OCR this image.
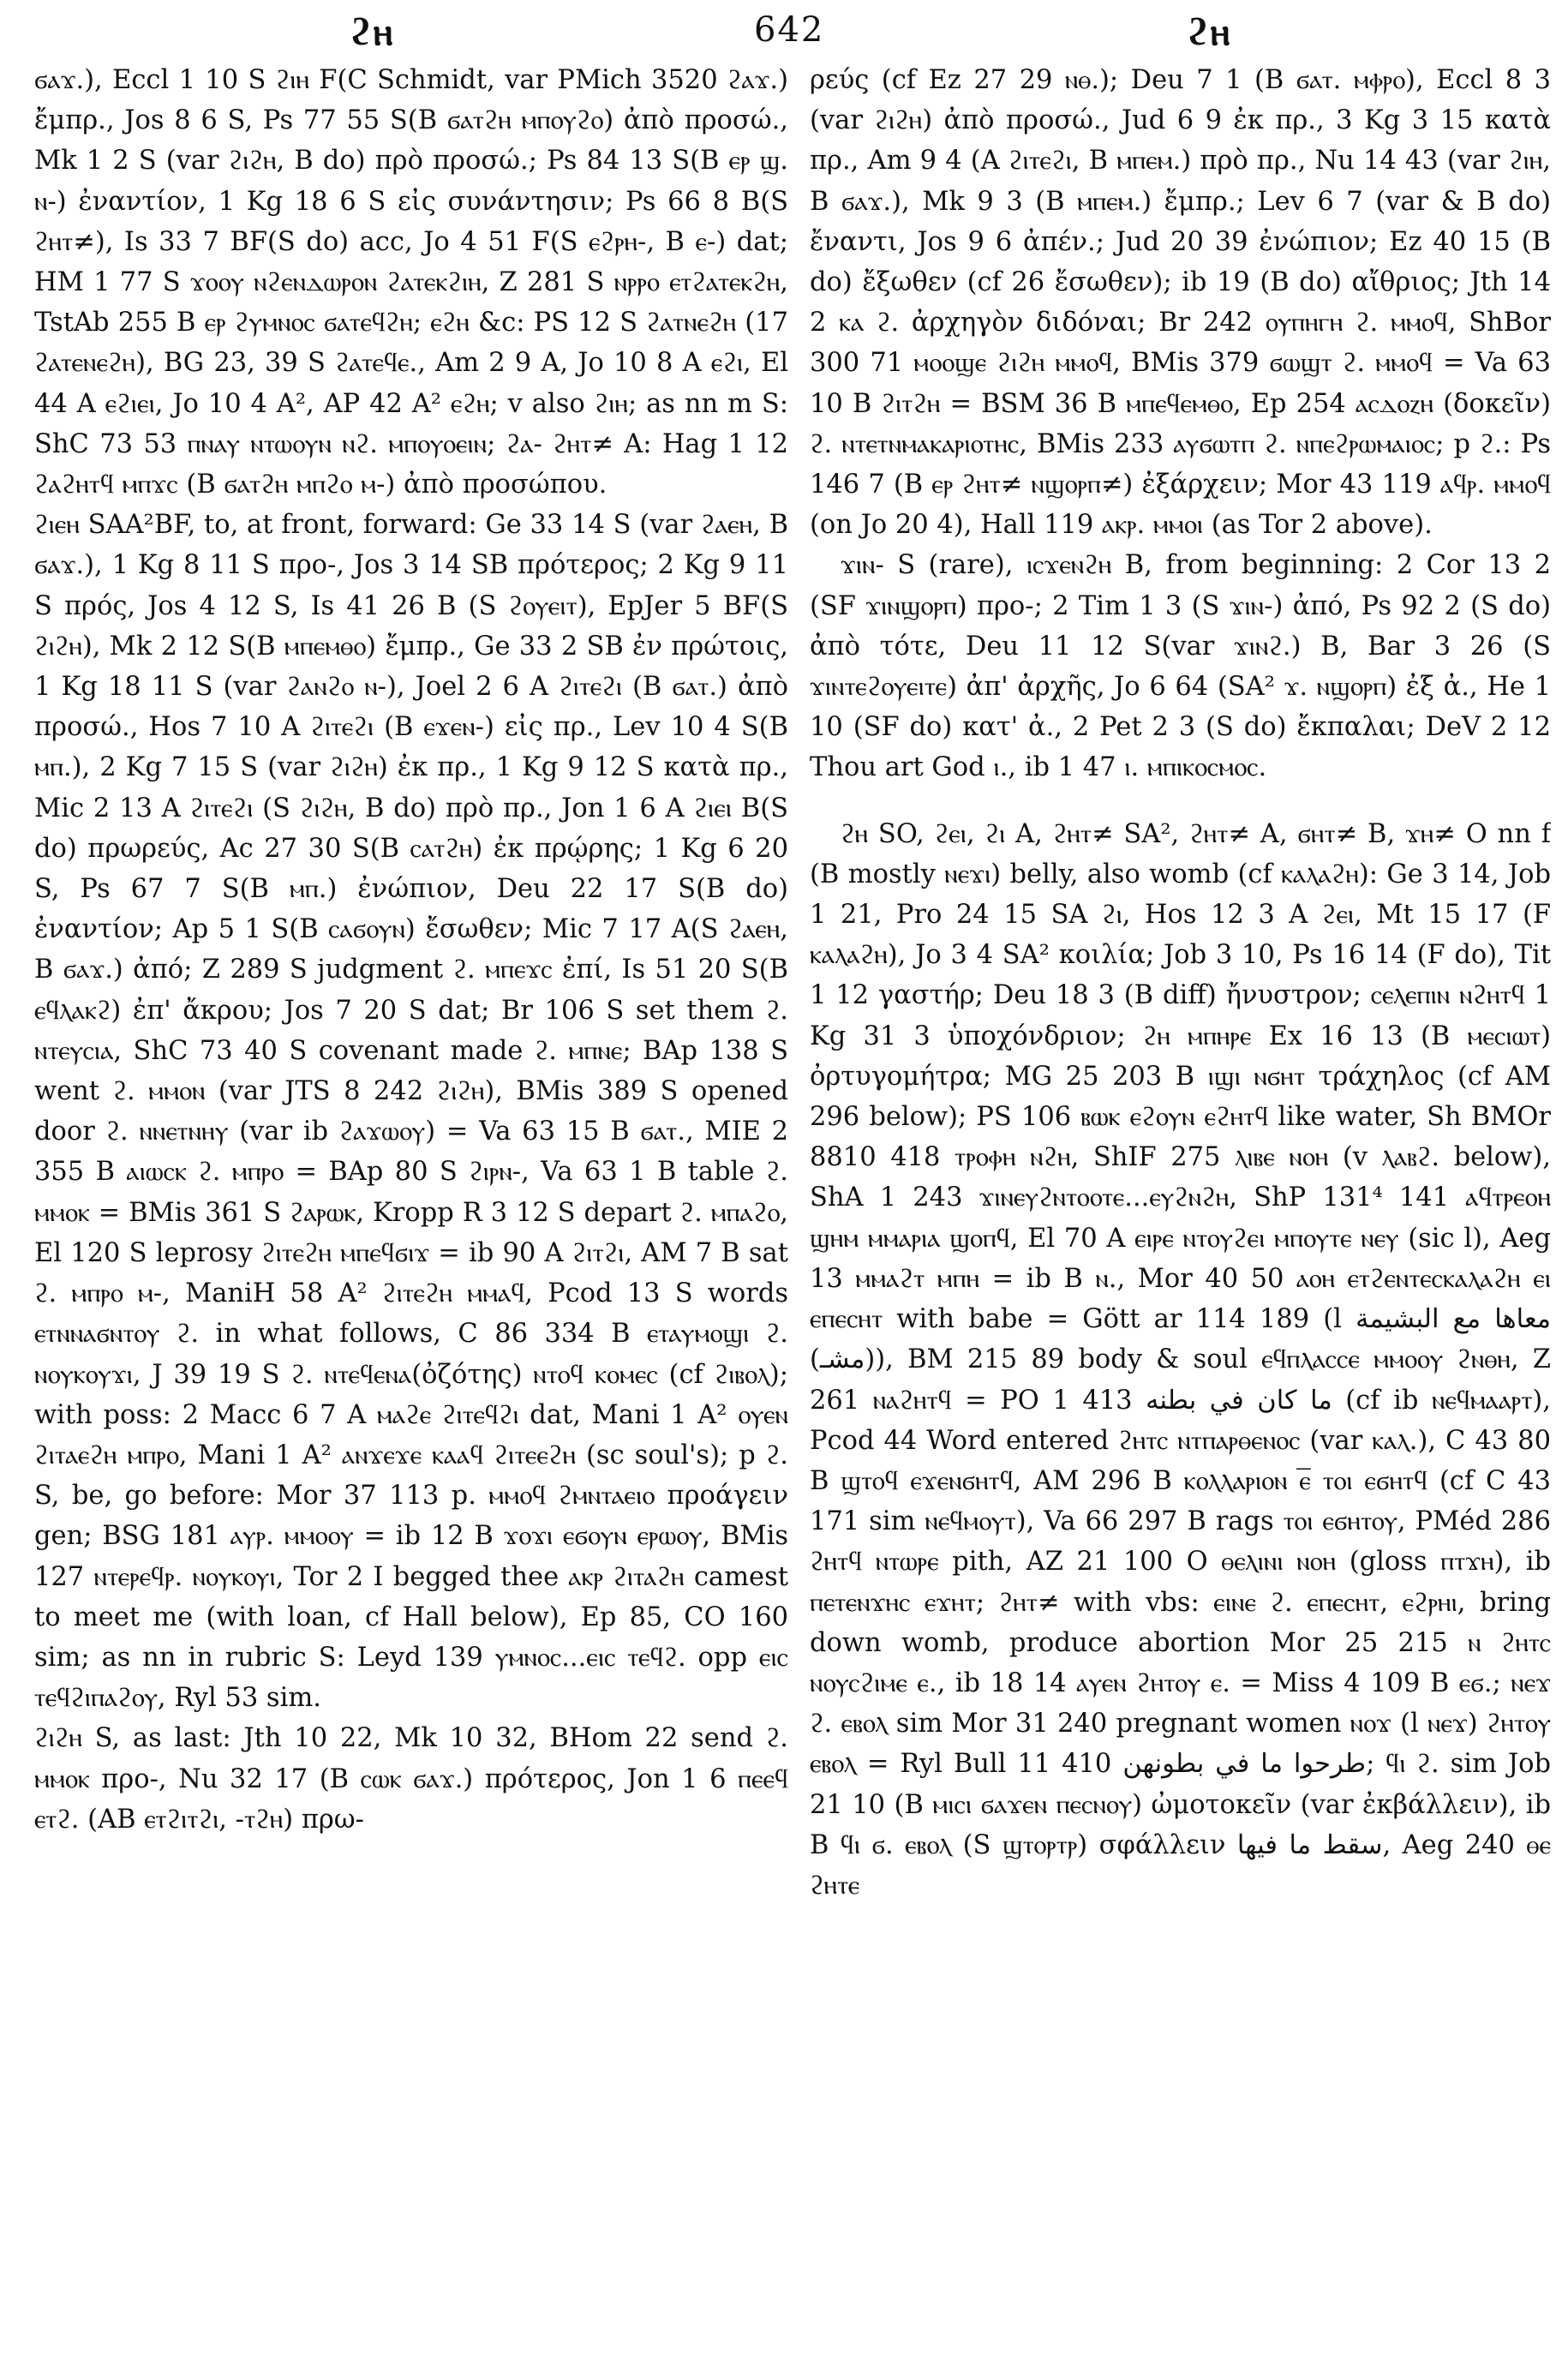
ϩⲏ	642	ϩⲏ

ϭⲁϫ.), Eccl 1 10 S ϩⲓⲏ F(C Schmidt, var PMich 3520 ϩⲁϫ.) ἔμπρ., Jos 8 6 S, Ps 77 55 S(B ϭⲁⲧϩⲏ ⲙⲡⲟⲩϩⲟ) ἀπὸ προσώ., Mk 1 2 S (var ϩⲓϩⲏ, B do) πρὸ προσώ.; Ps 84 13 S(B ⲉⲣ ϣ. ⲛ-) ἐναντίον, 1 Kg 18 6 S εἰς συνάντησιν; Ps 66 8 B(S ϩⲏⲧ≠), Is 33 7 BF(S do) acc, Jo 4 51 F(S ⲉϩⲣⲏ-, B ⲉ-) dat; HM 1 77 S ϫⲟⲟⲩ ⲛϩⲉⲛⲇⲱⲣⲟⲛ ϩⲁⲧⲉⲕϩⲓⲏ, Z 281 S ⲛⲣⲣⲟ ⲉⲧϩⲁⲧⲉⲕϩⲏ, TstAb 255 B ⲉⲣ ϩⲩⲙⲛⲟⲥ ϭⲁⲧⲉϥϩⲏ; ⲉϩⲏ &c: PS 12 S ϩⲁⲧⲛⲉϩⲏ (17 ϩⲁⲧⲉⲛⲉϩⲏ), BG 23, 39 S ϩⲁⲧⲉϥⲉ., Am 2 9 A, Jo 10 8 A ⲉϩⲓ, El 44 A ⲉϩⲓⲉⲓ, Jo 10 4 A², AP 42 A² ⲉϩⲏ; v also ϩⲓⲏ; as nn m S: ShC 73 53 ⲡⲛⲁⲩ ⲛⲧⲱⲟⲩⲛ ⲛϩ. ⲙⲡⲟⲩⲟⲉⲓⲛ; ϩⲁ- ϩⲏⲧ≠ A: Hag 1 12 ϩⲁϩⲏⲧϥ ⲙⲡϫⲥ (B ϭⲁⲧϩⲏ ⲙⲡϩⲟ ⲙ-) ἀπὸ προσώπου.

ϩⲓⲉⲏ SAA²BF, to, at front, forward: Ge 33 14 S (var ϩⲁⲉⲏ, B ϭⲁϫ.), 1 Kg 8 11 S προ-, Jos 3 14 SB πρότερος; 2 Kg 9 11 S πρός, Jos 4 12 S, Is 41 26 B (S ϩⲟⲩⲉⲓⲧ), EpJer 5 BF(S ϩⲓϩⲏ), Mk 2 12 S(B ⲙⲡⲉⲙⲑⲟ) ἔμπρ., Ge 33 2 SB ἐν πρώτοις, 1 Kg 18 11 S (var ϩⲁⲛϩⲟ ⲛ-), Joel 2 6 A ϩⲓⲧⲉϩⲓ (B ϭⲁⲧ.) ἀπὸ προσώ., Hos 7 10 A ϩⲓⲧⲉϩⲓ (B ⲉϫⲉⲛ-) εἰς πρ., Lev 10 4 S(B ⲙⲡ.), 2 Kg 7 15 S (var ϩⲓϩⲏ) ἐκ πρ., 1 Kg 9 12 S κατὰ πρ., Mic 2 13 A ϩⲓⲧⲉϩⲓ (S ϩⲓϩⲏ, B do) πρὸ πρ., Jon 1 6 A ϩⲓⲉⲓ B(S do) πρωρεύς, Ac 27 30 S(B ⲥⲁⲧϩⲏ) ἐκ πρῴρης; 1 Kg 6 20 S, Ps 67 7 S(B ⲙⲡ.) ἐνώπιον, Deu 22 17 S(B do) ἐναντίον; Ap 5 1 S(B ⲥⲁϭⲟⲩⲛ) ἔσωθεν; Mic 7 17 A(S ϩⲁⲉⲏ, B ϭⲁϫ.) ἀπό; Z 289 S judgment ϩ. ⲙⲡⲉϫⲥ ἐπί, Is 51 20 S(B ⲉϥⲗⲁⲕϩ) ἐπ' ἄκρου; Jos 7 20 S dat; Br 106 S set them ϩ. ⲛⲧⲉⲩⲥⲓⲁ, ShC 73 40 S covenant made ϩ. ⲙⲡⲛⲉ; BAp 138 S went ϩ. ⲙⲙⲟⲛ (var JTS 8 242 ϩⲓϩⲏ), BMis 389 S opened door ϩ. ⲛⲛⲉⲧⲛⲏⲩ (var ib ϩⲁϫⲱⲟⲩ) = Va 63 15 B ϭⲁⲧ., MIE 2 355 B ⲁⲓⲱⲥⲕ ϩ. ⲙⲡⲣⲟ = BAp 80 S ϩⲓⲣⲛ-, Va 63 1 B table ϩ. ⲙⲙⲟⲕ = BMis 361 S ϩⲁⲣⲱⲕ, Kropp R 3 12 S depart ϩ. ⲙⲡⲁϩⲟ, El 120 S leprosy ϩⲓⲧⲉϩⲏ ⲙⲡⲉϥϭⲓϫ = ib 90 A ϩⲓⲧϩⲓ, AM 7 B sat ϩ. ⲙⲡⲣⲟ ⲙ-, ManiH 58 A² ϩⲓⲧⲉϩⲏ ⲙⲙⲁϥ, Pcod 13 S words ⲉⲧⲛⲛⲁϭⲛⲧⲟⲩ ϩ. in what follows, C 86 334 B ⲉⲧⲁⲩⲙⲟϣⲓ ϩ. ⲛⲟⲩⲕⲟⲩϫⲓ, J 39 19 S ϩ. ⲛⲧⲉϥⲉⲛⲁ(ὀζότης) ⲛⲧⲟϥ ⲕⲟⲙⲉⲥ (cf ϩⲓⲃⲟⲗ); with poss: 2 Macc 6 7 A ⲙⲁϩⲉ ϩⲓⲧⲉϥϩⲓ dat, Mani 1 A² ⲟⲩⲉⲛ ϩⲓⲧⲁⲉϩⲏ ⲙⲡⲣⲟ, Mani 1 A² ⲁⲛϫⲉϫⲉ ⲕⲁⲁϥ ϩⲓⲧⲉⲉϩⲏ (sc soul's); p ϩ. S, be, go before: Mor 37 113 p. ⲙⲙⲟϥ ϩⲙⲛⲧⲁⲉⲓⲟ προάγειν gen; BSG 181 ⲁⲩⲣ. ⲙⲙⲟⲟⲩ = ib 12 B ϫⲟϫⲓ ⲉϭⲟⲩⲛ ⲉⲣⲱⲟⲩ, BMis 127 ⲛⲧⲉⲣⲉϥⲣ. ⲛⲟⲩⲕⲟⲩⲓ, Tor 2 I begged thee ⲁⲕⲣ ϩⲓⲧⲁϩⲏ camest to meet me (with loan, cf Hall below), Ep 85, CO 160 sim; as nn in rubric S: Leyd 139 ⲩⲙⲛⲟⲥ...ⲉⲓⲥ ⲧⲉϥϩ. opp ⲉⲓⲥ ⲧⲉϥϩⲓⲡⲁϩⲟⲩ, Ryl 53 sim.

ϩⲓϩⲏ S, as last: Jth 10 22, Mk 10 32, BHom 22 send ϩ. ⲙⲙⲟⲕ προ-, Nu 32 17 (B ⲥⲱⲕ ϭⲁϫ.) πρότερος, Jon 1 6 ⲡⲉⲉϥ ⲉⲧϩ. (AB ⲉⲧϩⲓⲧϩⲓ, -ⲧϩⲏ) πρω-

ρεύς (cf Ez 27 29 ⲛⲑ.); Deu 7 1 (B ϭⲁⲧ. ⲙⲫⲣⲟ), Eccl 8 3 (var ϩⲓϩⲏ) ἀπὸ προσώ., Jud 6 9 ἐκ πρ., 3 Kg 3 15 κατὰ πρ., Am 9 4 (A ϩⲓⲧⲉϩⲓ, B ⲙⲡⲉⲙ.) πρὸ πρ., Nu 14 43 (var ϩⲓⲏ, B ϭⲁϫ.), Mk 9 3 (B ⲙⲡⲉⲙ.) ἔμπρ.; Lev 6 7 (var & B do) ἔναντι, Jos 9 6 ἀπέν.; Jud 20 39 ἐνώπιον; Ez 40 15 (B do) ἔξωθεν (cf 26 ἔσωθεν); ib 19 (B do) αἴθριος; Jth 14 2 ⲕⲁ ϩ. ἀρχηγὸν διδόναι; Br 242 ⲟⲩⲡⲏⲅⲏ ϩ. ⲙⲙⲟϥ, ShBor 300 71 ⲙⲟⲟϣⲉ ϩⲓϩⲏ ⲙⲙⲟϥ, BMis 379 ϭⲱϣⲧ ϩ. ⲙⲙⲟϥ = Va 63 10 B ϩⲓⲧϩⲏ = BSM 36 B ⲙⲡⲉϥⲉⲙⲑⲟ, Ep 254 ⲁⲥⲇⲟⲍⲏ (δοκεῖν) ϩ. ⲛⲧⲉⲧⲛⲙⲁⲕⲁⲣⲓⲟⲧⲏⲥ, BMis 233 ⲁⲩϭⲱⲧⲡ ϩ. ⲛⲡⲉϩⲣⲱⲙⲁⲓⲟⲥ; p ϩ.: Ps 146 7 (B ⲉⲣ ϩⲏⲧ≠ ⲛϣⲟⲣⲡ≠) ἐξάρχειν; Mor 43 119 ⲁϥⲣ. ⲙⲙⲟϥ (on Jo 20 4), Hall 119 ⲁⲕⲣ. ⲙⲙⲟⲓ (as Tor 2 above).

ϫⲓⲛ- S (rare), ⲓⲥϫⲉⲛϩⲏ B, from beginning: 2 Cor 13 2 (SF ϫⲓⲛϣⲟⲣⲡ) προ-; 2 Tim 1 3 (S ϫⲓⲛ-) ἀπό, Ps 92 2 (S do) ἀπὸ τότε, Deu 11 12 S(var ϫⲓⲛϩ.) B, Bar 3 26 (S ϫⲓⲛⲧⲉϩⲟⲩⲉⲓⲧⲉ) ἀπ' ἀρχῆς, Jo 6 64 (SA² ϫ. ⲛϣⲟⲣⲡ) ἐξ ἀ., He 1 10 (SF do) κατ' ἀ., 2 Pet 2 3 (S do) ἔκπαλαι; DeV 2 12 Thou art God ⲓ., ib 1 47 ⲓ. ⲙⲡⲓⲕⲟⲥⲙⲟⲥ.

ϩⲏ SO, ϩⲉⲓ, ϩⲓ A, ϩⲏⲧ≠ SA², ϩⲏⲧ≠ A, ϭⲏⲧ≠ B, ϫⲏ≠ O nn f (B mostly ⲛⲉϫⲓ) belly, also womb (cf ⲕⲁⲗⲁϩⲏ): Ge 3 14, Job 1 21, Pro 24 15 SA ϩⲓ, Hos 12 3 A ϩⲉⲓ, Mt 15 17 (F ⲕⲁⲗⲁϩⲏ), Jo 3 4 SA² κοιλία; Job 3 10, Ps 16 14 (F do), Tit 1 12 γαστήρ; Deu 18 3 (B diff) ἤνυστρον; ⲥⲉⲗⲉⲡⲓⲛ ⲛϩⲏⲧϥ 1 Kg 31 3 ὑποχόνδριον; ϩⲏ ⲙⲡⲏⲣⲉ Ex 16 13 (B ⲙⲉⲥⲓⲱⲧ) ὀρτυγομήτρα; MG 25 203 B ⲓϣⲓ ⲛϭⲏⲧ τράχηλος (cf AM 296 below); PS 106 ⲃⲱⲕ ⲉϩⲟⲩⲛ ⲉϩⲏⲧϥ like water, Sh BMOr 8810 418 ⲧⲣⲟⲫⲏ ⲛϩⲏ, ShIF 275 ⲗⲓⲃⲉ ⲛⲟⲏ (v ⲗⲁⲃϩ. below), ShA 1 243 ϫⲓⲛⲉⲩϩⲛⲧⲟⲟⲧⲉ...ⲉⲩϩⲛϩⲏ, ShP 131⁴ 141 ⲁϥⲧⲣⲉⲟⲏ ϣⲏⲙ ⲙⲙⲁⲣⲓⲁ ϣⲟⲡϥ, El 70 A ⲉⲓⲣⲉ ⲛⲧⲟⲩϩⲉⲓ ⲙⲡⲟⲩⲧⲉ ⲛⲉⲩ (sic l), Aeg 13 ⲙⲙⲁϩⲧ ⲙⲡⲏ = ib B ⲛ., Mor 40 50 ⲁⲟⲏ ⲉⲧϩⲉⲛⲧⲉⲥⲕⲁⲗⲁϩⲏ ⲉⲓ ⲉⲡⲉⲥⲏⲧ with babe = Gött ar 114 189 (l معاها مع البشيمة (مشـ)), BM 215 89 body & soul ⲉϥⲡⲗⲁⲥⲥⲉ ⲙⲙⲟⲟⲩ ϩⲛⲑⲏ, Z 261 ⲛⲁϩⲏⲧϥ = PO 1 413 ما كان في بطنه (cf ib ⲛⲉϥⲙⲁⲁⲣⲧ), Pcod 44 Word entered ϩⲏⲧⲥ ⲛⲧⲡⲁⲣⲑⲉⲛⲟⲥ (var ⲕⲁⲗ.), C 43 80 B ϣⲧⲟϥ ⲉϫⲉⲛϭⲏⲧϥ, AM 296 B ⲕⲟⲗⲗⲁⲣⲓⲟⲛ ⲉ̅ ⲧⲟⲓ ⲉϭⲏⲧϥ (cf C 43 171 sim ⲛⲉϥⲙⲟⲩⲧ), Va 66 297 B rags ⲧⲟⲓ ⲉϭⲏⲧⲟⲩ, PMéd 286 ϩⲏⲧϥ ⲛⲧⲱⲣⲉ pith, AZ 21 100 O ⲑⲉⲗⲓⲛⲓ ⲛⲟⲏ (gloss ⲡⲧϫⲏ), ib ⲡⲉⲧⲉⲛϫⲏⲥ ⲉϫⲏⲧ; ϩⲏⲧ≠ with vbs: ⲉⲓⲛⲉ ϩ. ⲉⲡⲉⲥⲏⲧ, ⲉϩⲣⲏⲓ, bring down womb, produce abortion Mor 25 215 ⲛ ϩⲏⲧⲥ ⲛⲟⲩⲥϩⲓⲙⲉ ⲉ., ib 18 14 ⲁⲩⲉⲛ ϩⲏⲧⲟⲩ ⲉ. = Miss 4 109 B ⲉϭ.; ⲛⲉϫ ϩ. ⲉⲃⲟⲗ sim Mor 31 240 pregnant women ⲛⲟϫ (l ⲛⲉϫ) ϩⲏⲧⲟⲩ ⲉⲃⲟⲗ = Ryl Bull 11 410 طرحوا ما في بطونهن; ϥⲓ ϩ. sim Job 21 10 (B ⲙⲓⲥⲓ ϭⲁϫⲉⲛ ⲡⲉⲥⲛⲟⲩ) ὠμοτοκεῖν (var ἐκβάλλειν), ib B ϥⲓ ϭ. ⲉⲃⲟⲗ (S ϣⲧⲟⲣⲧⲣ) σφάλλειν سقط ما فيها, Aeg 240 ⲑⲉ ϩⲏⲧⲉ
